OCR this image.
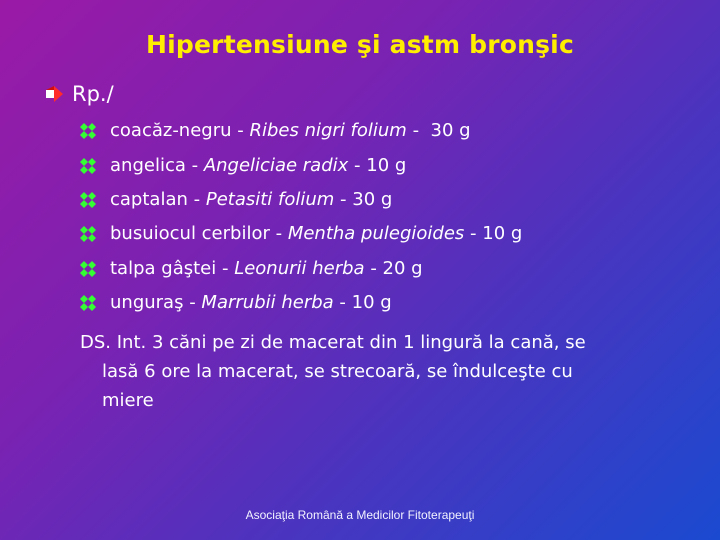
Hipertensiune şi astm bronşic
Rp./
coacăz-negru - Ribes nigri folium - 30 g
angelica - Angeliciae radix - 10 g
captalan - Petasiti folium - 30 g
busuiocul cerbilor - Mentha pulegioides - 10 g
talpa gâştei - Leonurii herba - 20 g
unguraş - Marrubii herba - 10 g
DS. Int. 3 căni pe zi de macerat din 1 lingură la cană, se
lasă 6 ore la macerat, se strecoară, se îndulceşte cu
miere
Asociaţia Română a Medicilor Fitoterapeuţi
